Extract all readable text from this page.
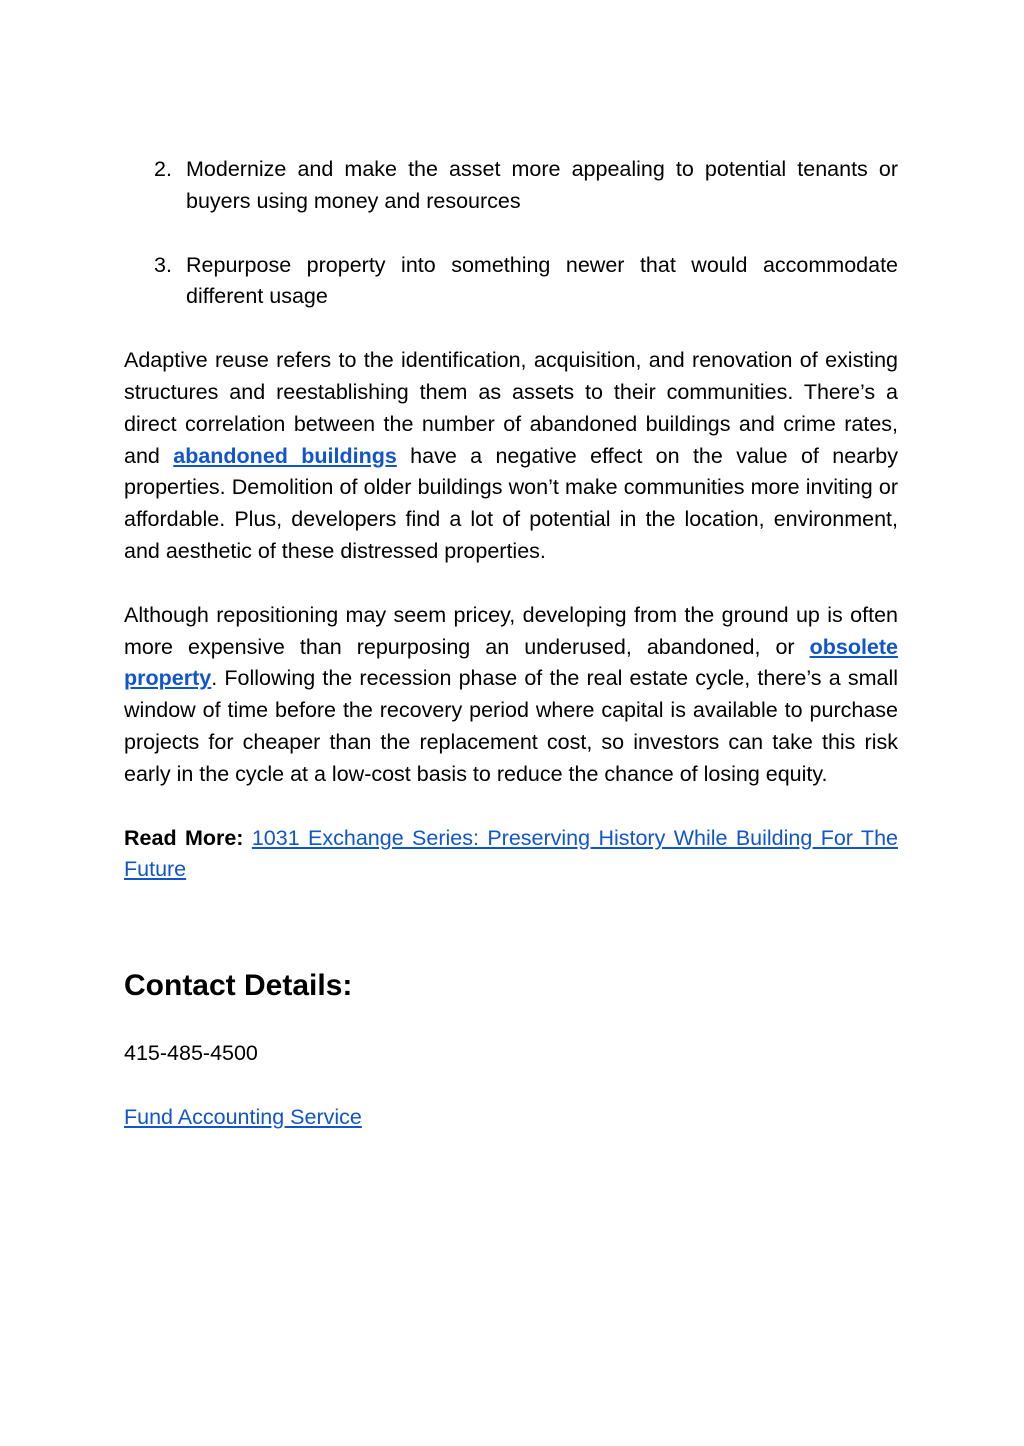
2. Modernize and make the asset more appealing to potential tenants or buyers using money and resources
3. Repurpose property into something newer that would accommodate different usage

Adaptive reuse refers to the identification, acquisition, and renovation of existing structures and reestablishing them as assets to their communities. There’s a direct correlation between the number of abandoned buildings and crime rates, and abandoned buildings have a negative effect on the value of nearby properties. Demolition of older buildings won’t make communities more inviting or affordable. Plus, developers find a lot of potential in the location, environment, and aesthetic of these distressed properties.

Although repositioning may seem pricey, developing from the ground up is often more expensive than repurposing an underused, abandoned, or obsolete property. Following the recession phase of the real estate cycle, there’s a small window of time before the recovery period where capital is available to purchase projects for cheaper than the replacement cost, so investors can take this risk early in the cycle at a low-cost basis to reduce the chance of losing equity.

Read More: 1031 Exchange Series: Preserving History While Building For The Future

Contact Details:

415-485-4500

Fund Accounting Service
